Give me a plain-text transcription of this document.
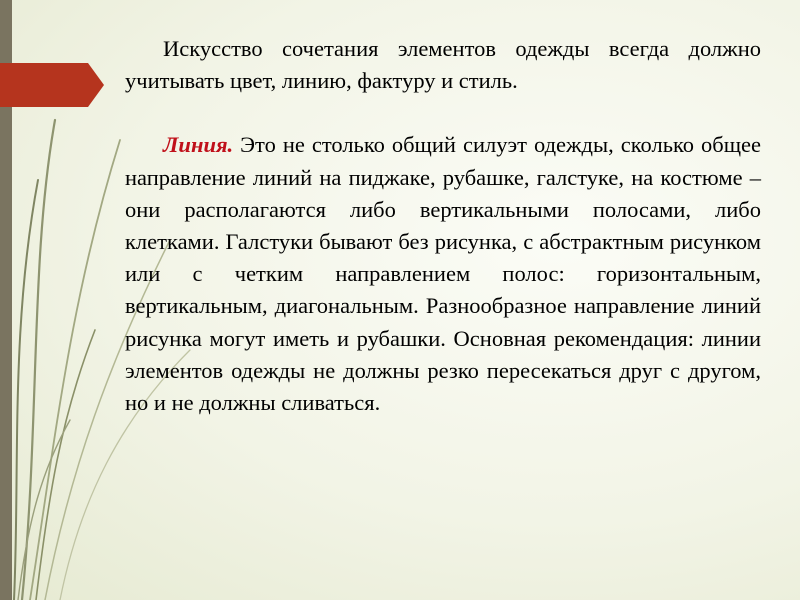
Искусство сочетания элементов одежды всегда должно учитывать цвет, линию, фактуру и стиль.

Линия. Это не столько общий силуэт одежды, сколько общее направление линий на пиджаке, рубашке, галстуке, на костюме – они располагаются либо вертикальными полосами, либо клетками. Галстуки бывают без рисунка, с абстрактным рисунком или с четким направлением полос: горизонтальным, вертикальным, диагональным. Разнообразное направление линий рисунка могут иметь и рубашки. Основная рекомендация: линии элементов одежды не должны резко пересекаться друг с другом, но и не должны сливаться.
